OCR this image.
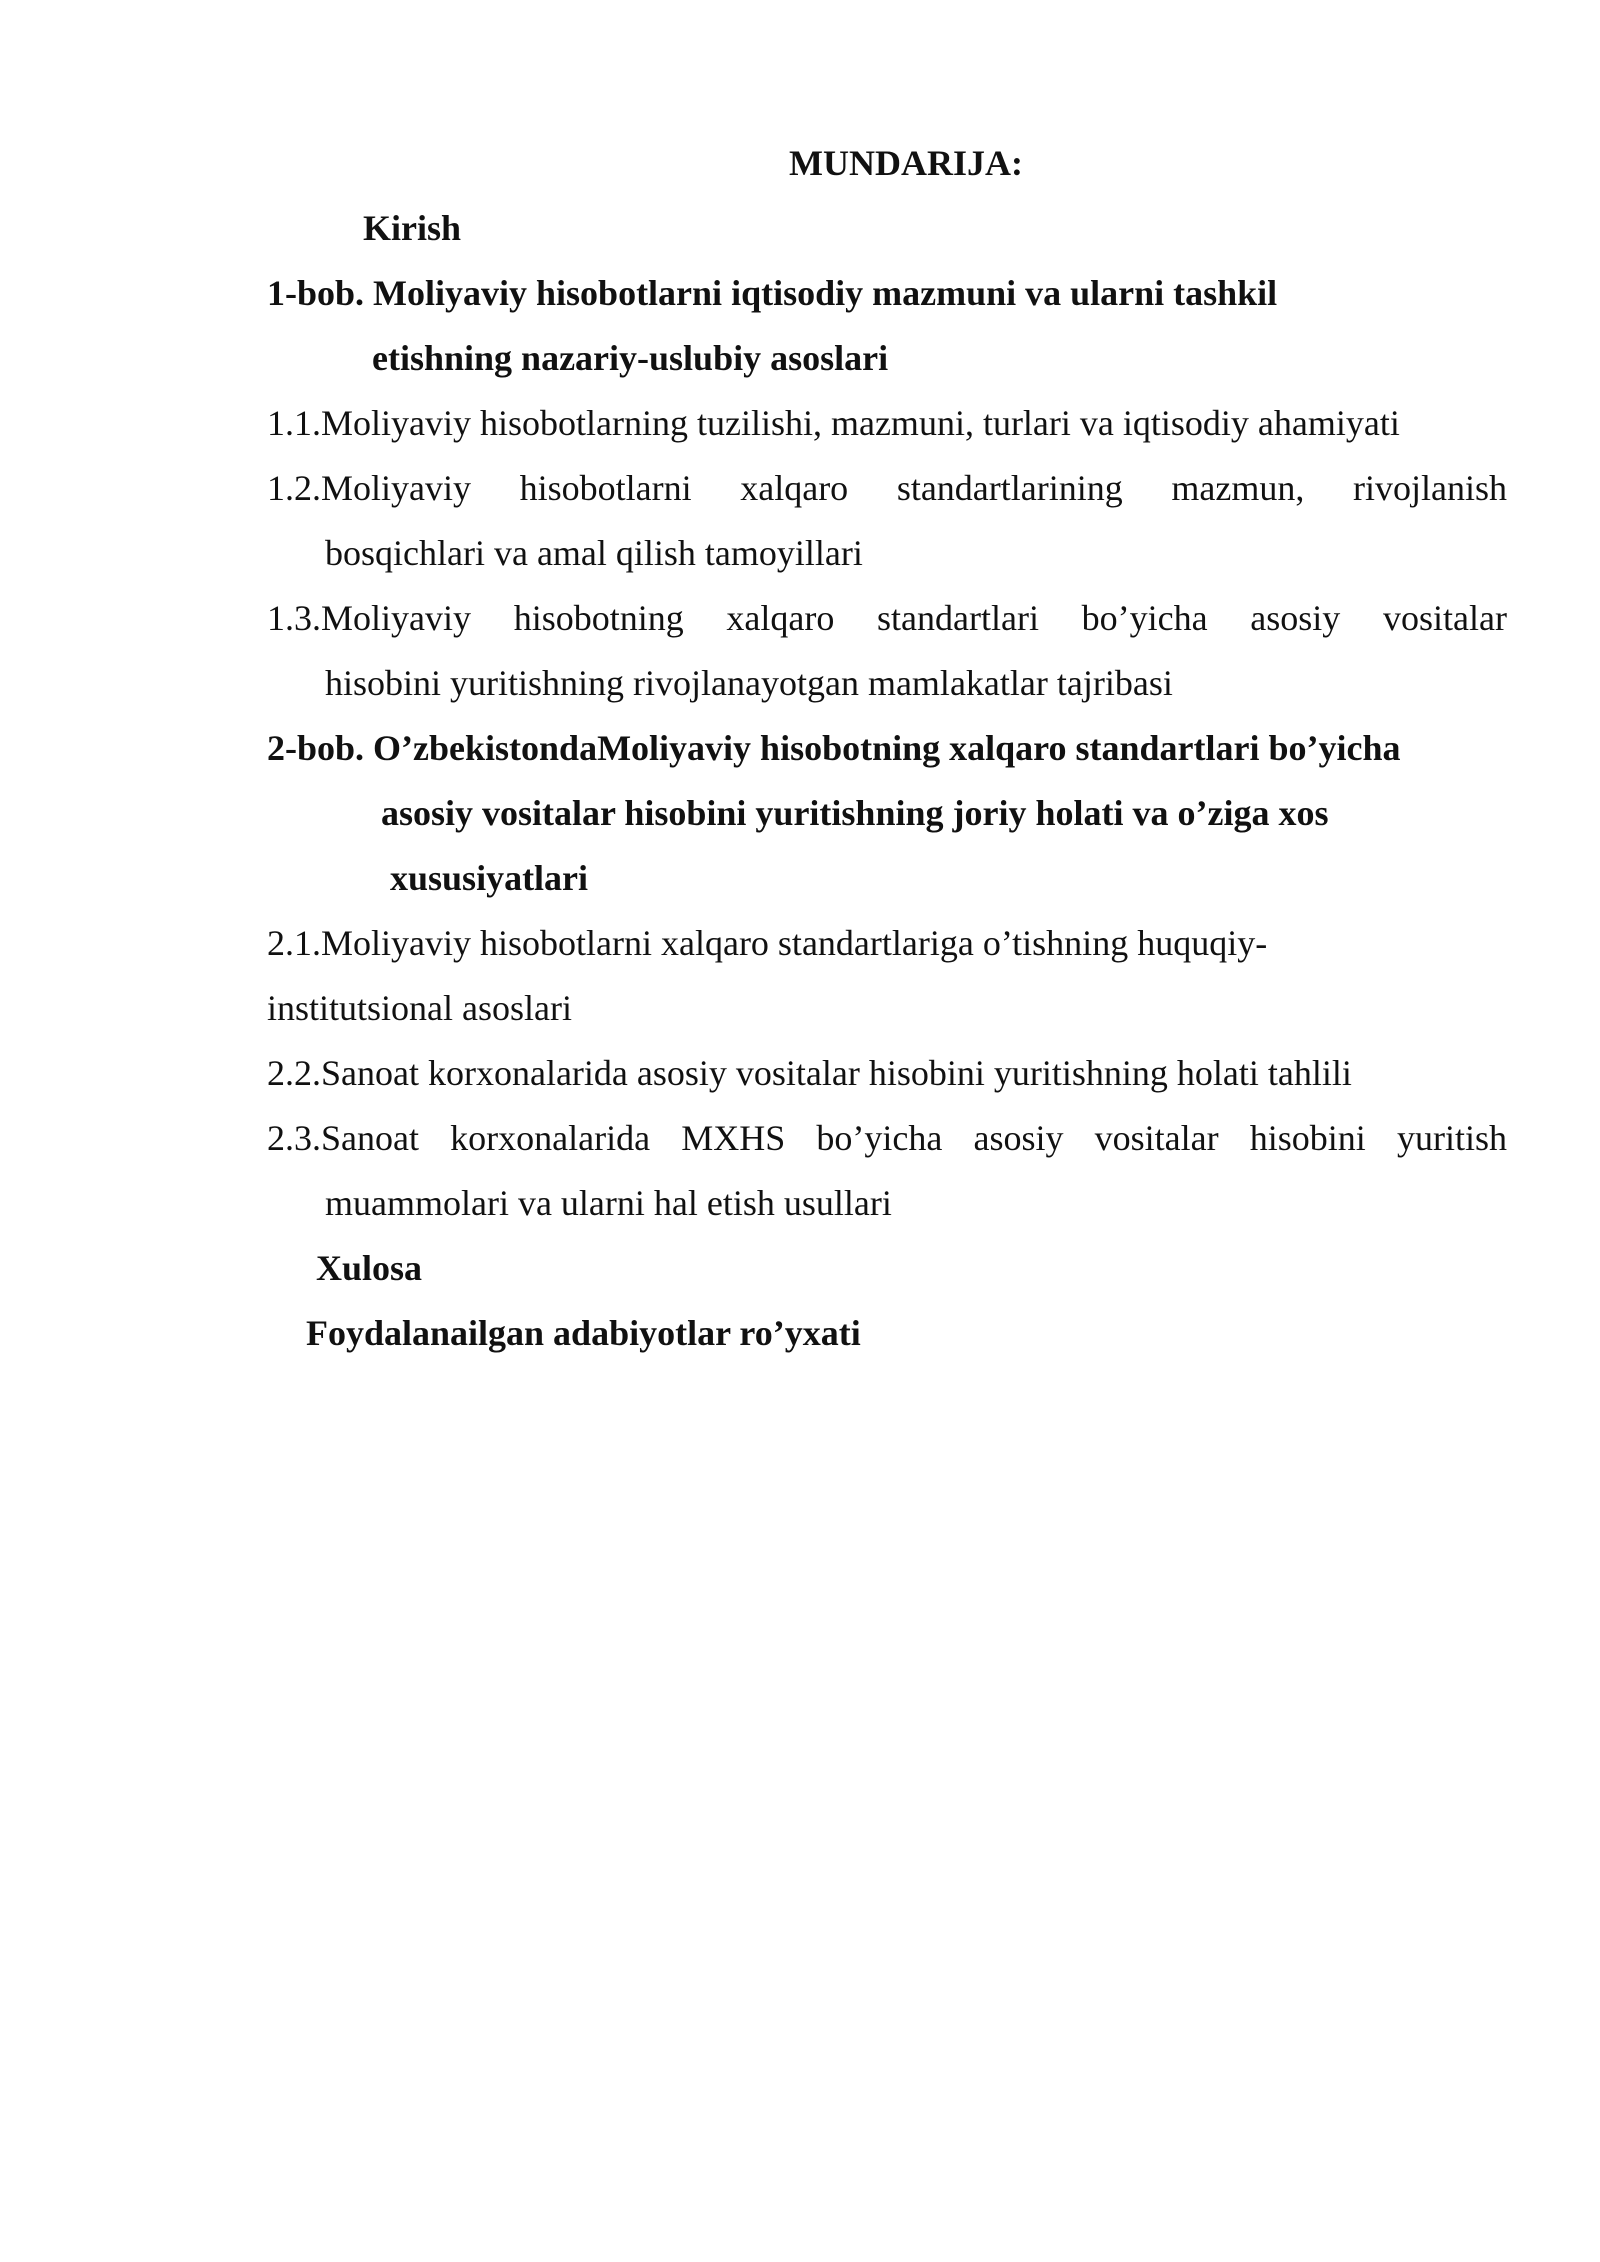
MUNDARIJA:
Kirish
1-bob. Moliyaviy hisobotlarni iqtisodiy mazmuni va ularni tashkil
etishning nazariy-uslubiy asoslari
1.1.Moliyaviy hisobotlarning tuzilishi, mazmuni, turlari va iqtisodiy ahamiyati
1.2.Moliyaviy hisobotlarni xalqaro standartlarining mazmun, rivojlanish
bosqichlari va amal qilish tamoyillari
1.3.Moliyaviy hisobotning xalqaro standartlari bo’yicha asosiy vositalar
hisobini yuritishning rivojlanayotgan mamlakatlar tajribasi
2-bob. O’zbekistondaMoliyaviy hisobotning xalqaro standartlari bo’yicha
asosiy vositalar hisobini yuritishning joriy holati va o’ziga xos
xususiyatlari
2.1.Moliyaviy hisobotlarni xalqaro standartlariga o’tishning huquqiy-
institutsional asoslari
2.2.Sanoat korxonalarida asosiy vositalar hisobini yuritishning holati tahlili
2.3.Sanoat korxonalarida MXHS bo’yicha asosiy vositalar hisobini yuritish
muammolari va ularni hal etish usullari
Xulosa
Foydalanailgan adabiyotlar ro’yxati
